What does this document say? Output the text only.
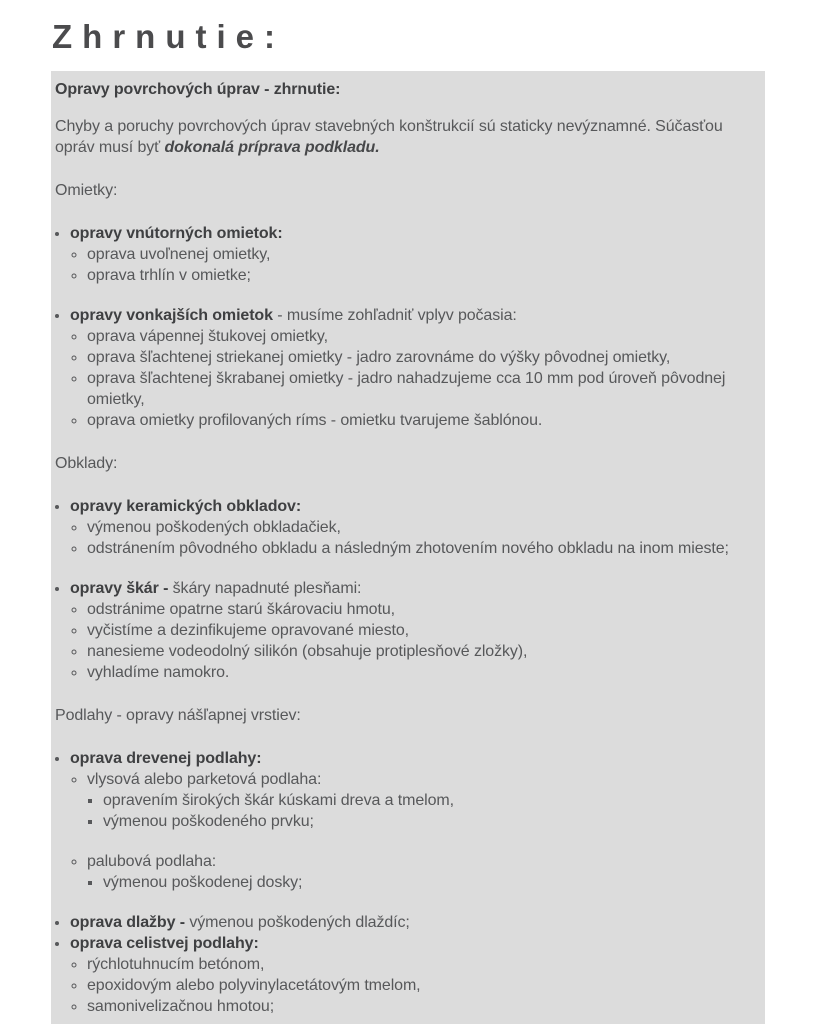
Zhrnutie:

Opravy povrchových úprav - zhrnutie:

Chyby a poruchy povrchových úprav stavebných konštrukcií sú staticky nevýznamné. Súčasťou opráv musí byť dokonalá príprava podkladu.

Omietky:

• opravy vnútorných omietok:
◦ oprava uvoľnenej omietky,
◦ oprava trhlín v omietke;
• opravy vonkajších omietok - musíme zohľadniť vplyv počasia:
◦ oprava vápennej štukovej omietky,
◦ oprava šľachtenej striekanej omietky - jadro zarovnáme do výšky pôvodnej omietky,
◦ oprava šľachtenej škrabanej omietky - jadro nahadzujeme cca 10 mm pod úroveň pôvodnej omietky,
◦ oprava omietky profilovaných ríms - omietku tvarujeme šablónou.

Obklady:

• opravy keramických obkladov:
◦ výmenou poškodených obkladačiek,
◦ odstránením pôvodného obkladu a následným zhotovením nového obkladu na inom mieste;
• opravy škár - škáry napadnuté plesňami:
◦ odstránime opatrne starú škárovaciu hmotu,
◦ vyčistíme a dezinfikujeme opravované miesto,
◦ nanesieme vodeodolný silikón (obsahuje protiplesňové zložky),
◦ vyhladíme namokro.

Podlahy - opravy nášľapnej vrstiev:

• oprava drevenej podlahy:
◦ vlysová alebo parketová podlaha:
▪ opravením širokých škár kúskami dreva a tmelom,
▪ výmenou poškodeného prvku;
◦ palubová podlaha:
▪ výmenou poškodenej dosky;
• oprava dlažby - výmenou poškodených dlaždíc;
• oprava celistvej podlahy:
◦ rýchlotuhnucím betónom,
◦ epoxidovým alebo polyvinylacetátovým tmelom,
◦ samonivelizačnou hmotou;
